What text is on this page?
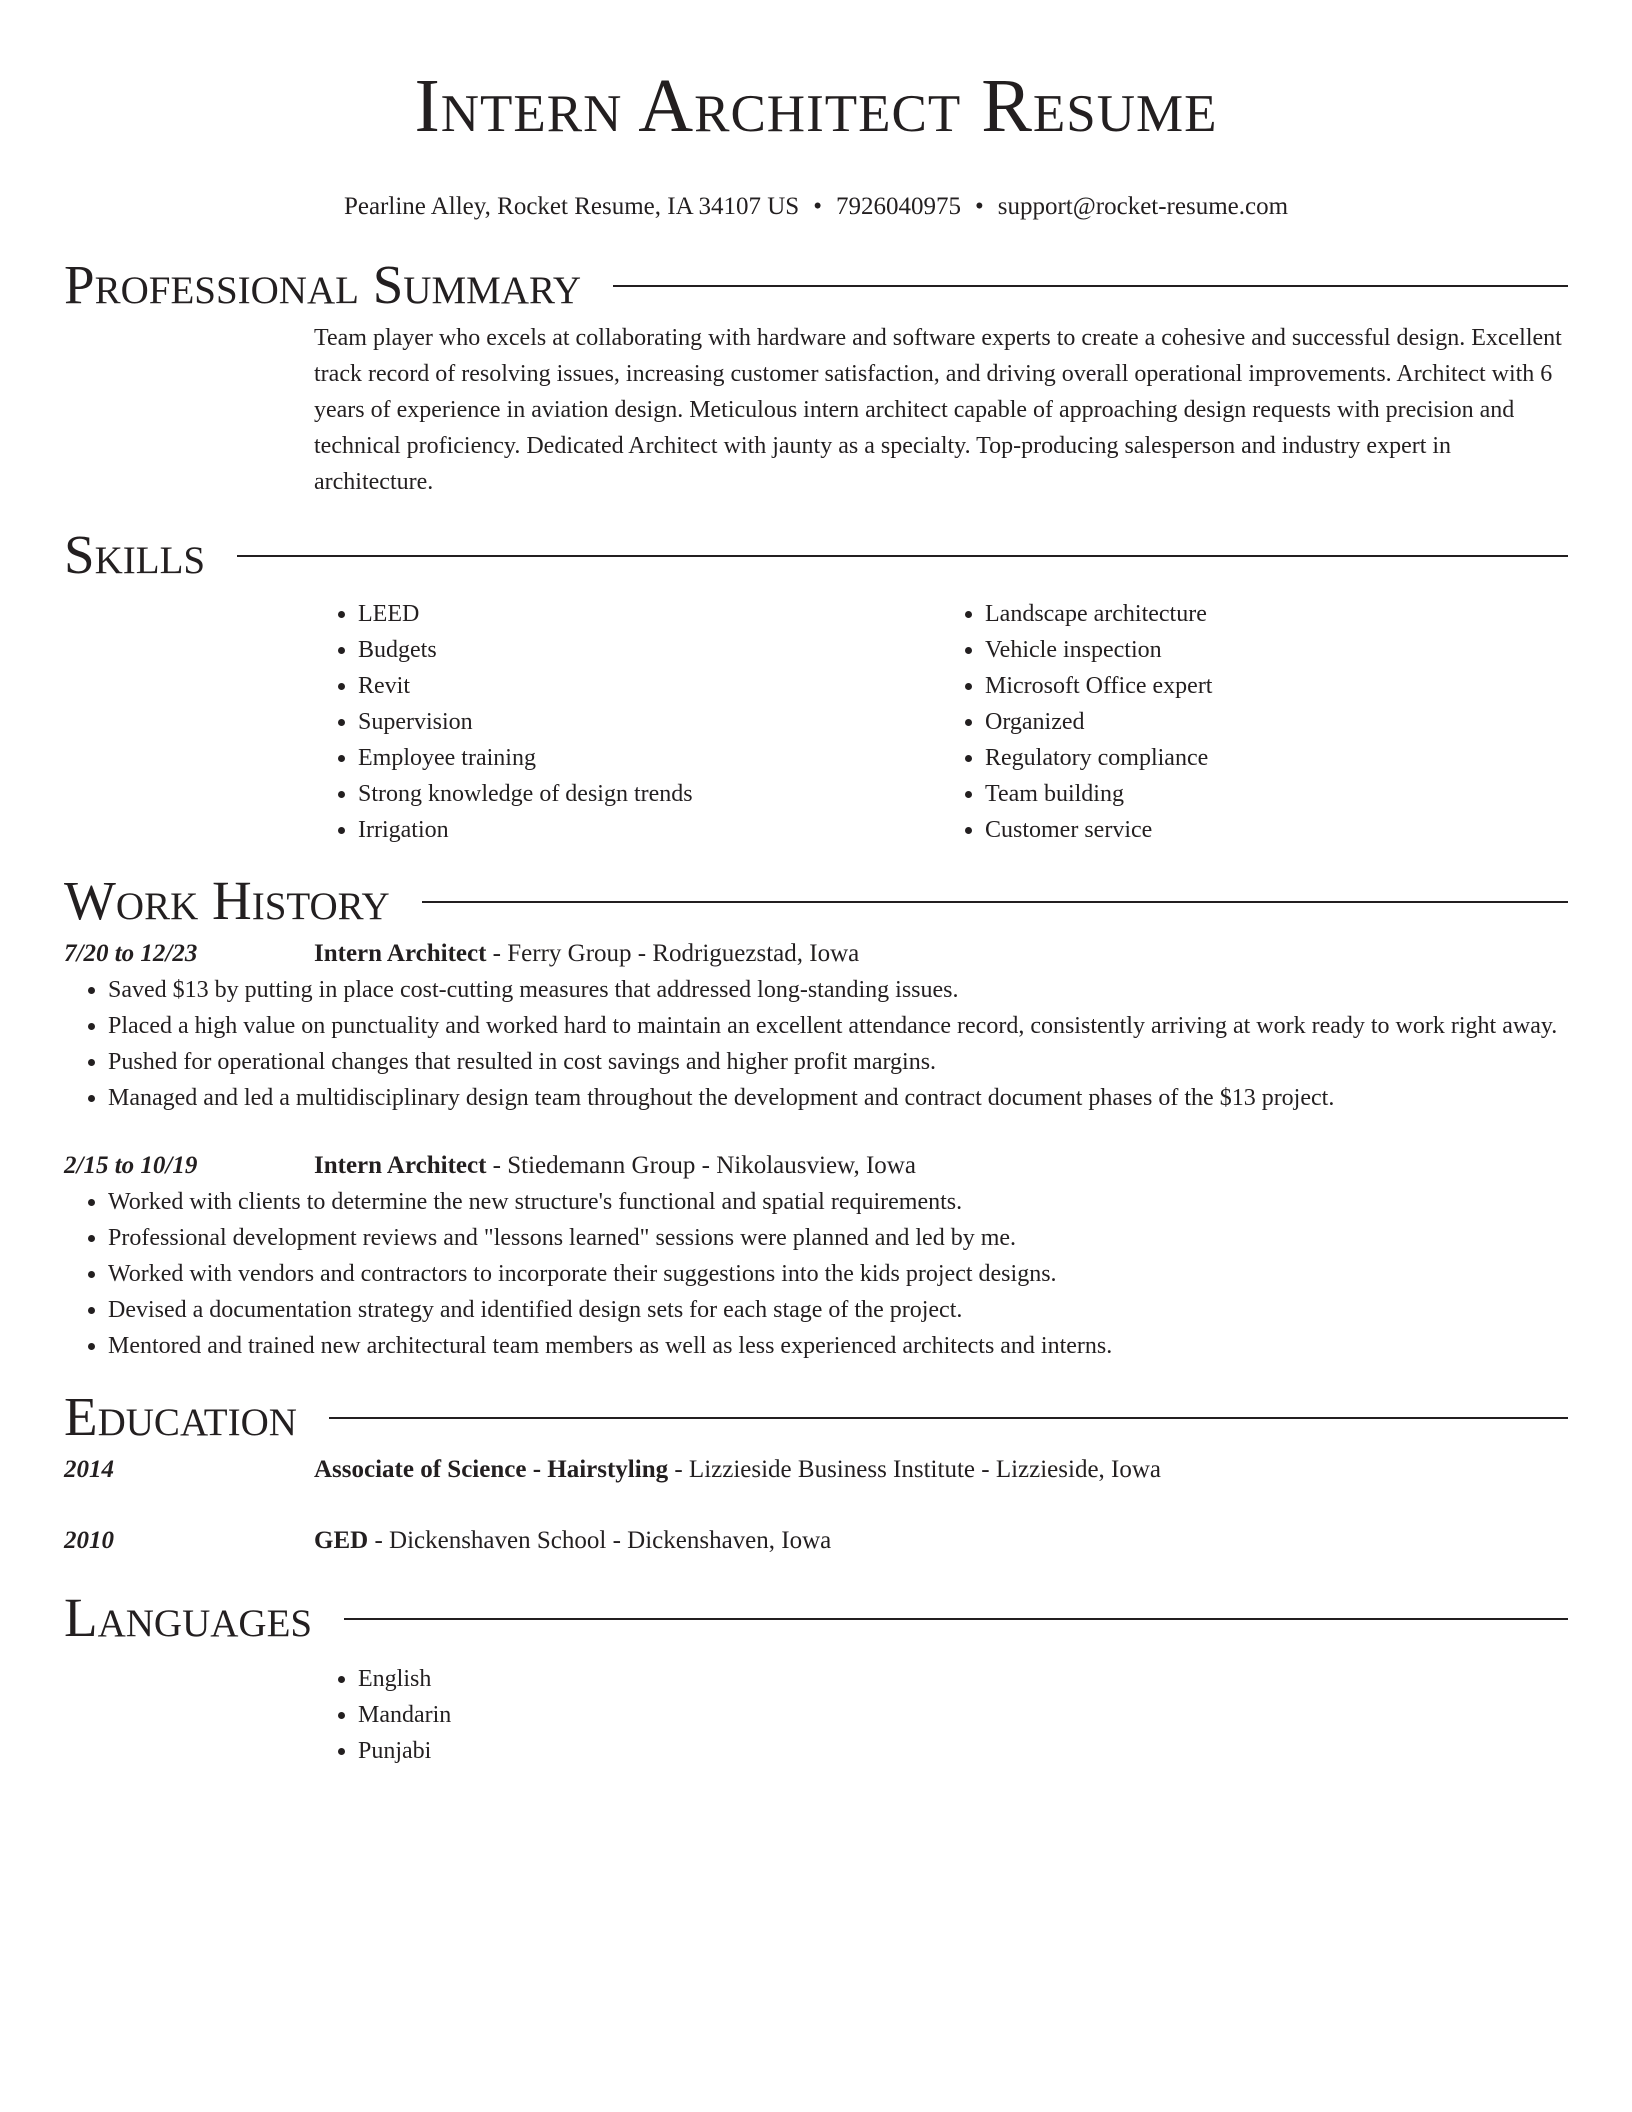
Intern Architect Resume
Pearline Alley, Rocket Resume, IA 34107 US • 7926040975 • support@rocket-resume.com
Professional Summary

Team player who excels at collaborating with hardware and software experts to create a cohesive and successful design. Excellent track record of resolving issues, increasing customer satisfaction, and driving overall operational improvements. Architect with 6 years of experience in aviation design. Meticulous intern architect capable of approaching design requests with precision and technical proficiency. Dedicated Architect with jaunty as a specialty. Top-producing salesperson and industry expert in architecture.

Skills
• LEED
• Budgets
• Revit
• Supervision
• Employee training
• Strong knowledge of design trends
• Irrigation
• Landscape architecture
• Vehicle inspection
• Microsoft Office expert
• Organized
• Regulatory compliance
• Team building
• Customer service
Work History
7/20 to 12/23	Intern Architect - Ferry Group - Rodriguezstad, Iowa
• Saved $13 by putting in place cost-cutting measures that addressed long-standing issues.
• Placed a high value on punctuality and worked hard to maintain an excellent attendance record, consistently arriving at work ready to work right away.
• Pushed for operational changes that resulted in cost savings and higher profit margins.
• Managed and led a multidisciplinary design team throughout the development and contract document phases of the $13 project.
2/15 to 10/19	Intern Architect - Stiedemann Group - Nikolausview, Iowa
• Worked with clients to determine the new structure's functional and spatial requirements.
• Professional development reviews and "lessons learned" sessions were planned and led by me.
• Worked with vendors and contractors to incorporate their suggestions into the kids project designs.
• Devised a documentation strategy and identified design sets for each stage of the project.
• Mentored and trained new architectural team members as well as less experienced architects and interns.
Education
2014	Associate of Science - Hairstyling - Lizzieside Business Institute - Lizzieside, Iowa
2010	GED - Dickenshaven School - Dickenshaven, Iowa
Languages
• English
• Mandarin
• Punjabi
